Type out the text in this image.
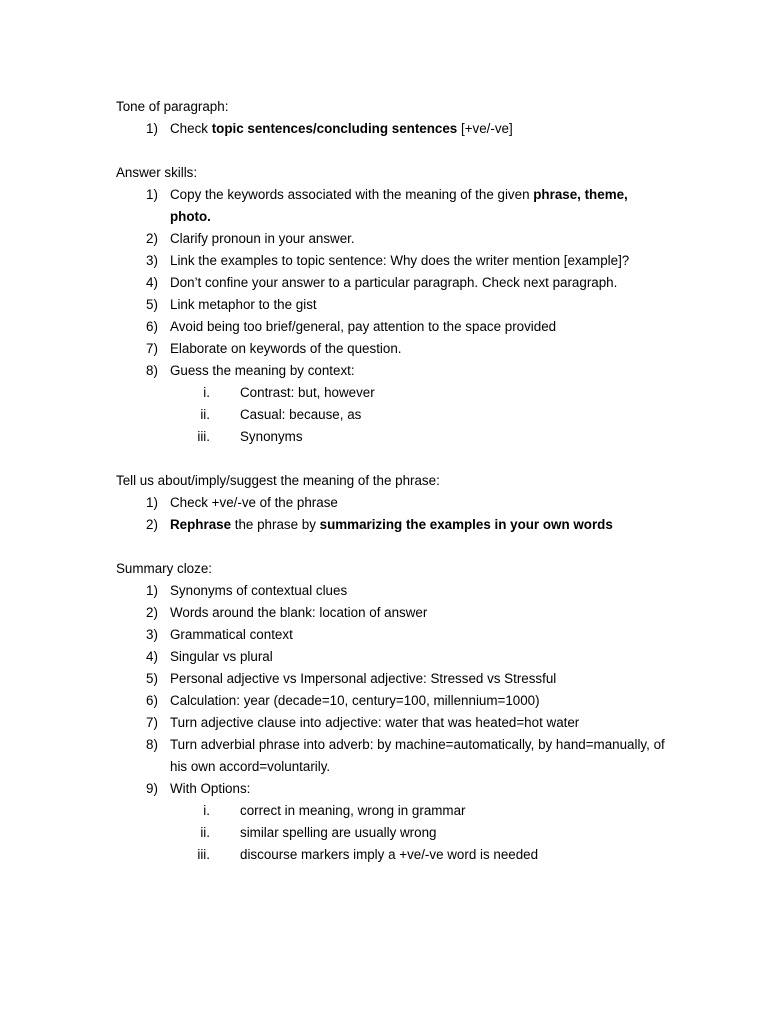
Tone of paragraph:
1) Check topic sentences/concluding sentences [+ve/-ve]
Answer skills:
1) Copy the keywords associated with the meaning of the given phrase, theme, photo.
2) Clarify pronoun in your answer.
3) Link the examples to topic sentence: Why does the writer mention [example]?
4) Don’t confine your answer to a particular paragraph. Check next paragraph.
5) Link metaphor to the gist
6) Avoid being too brief/general, pay attention to the space provided
7) Elaborate on keywords of the question.
8) Guess the meaning by context:
i. Contrast: but, however
ii. Casual: because, as
iii. Synonyms
Tell us about/imply/suggest the meaning of the phrase:
1) Check +ve/-ve of the phrase
2) Rephrase the phrase by summarizing the examples in your own words
Summary cloze:
1) Synonyms of contextual clues
2) Words around the blank: location of answer
3) Grammatical context
4) Singular vs plural
5) Personal adjective vs Impersonal adjective: Stressed vs Stressful
6) Calculation: year (decade=10, century=100, millennium=1000)
7) Turn adjective clause into adjective: water that was heated=hot water
8) Turn adverbial phrase into adverb: by machine=automatically, by hand=manually, of his own accord=voluntarily.
9) With Options:
i. correct in meaning, wrong in grammar
ii. similar spelling are usually wrong
iii. discourse markers imply a +ve/-ve word is needed
